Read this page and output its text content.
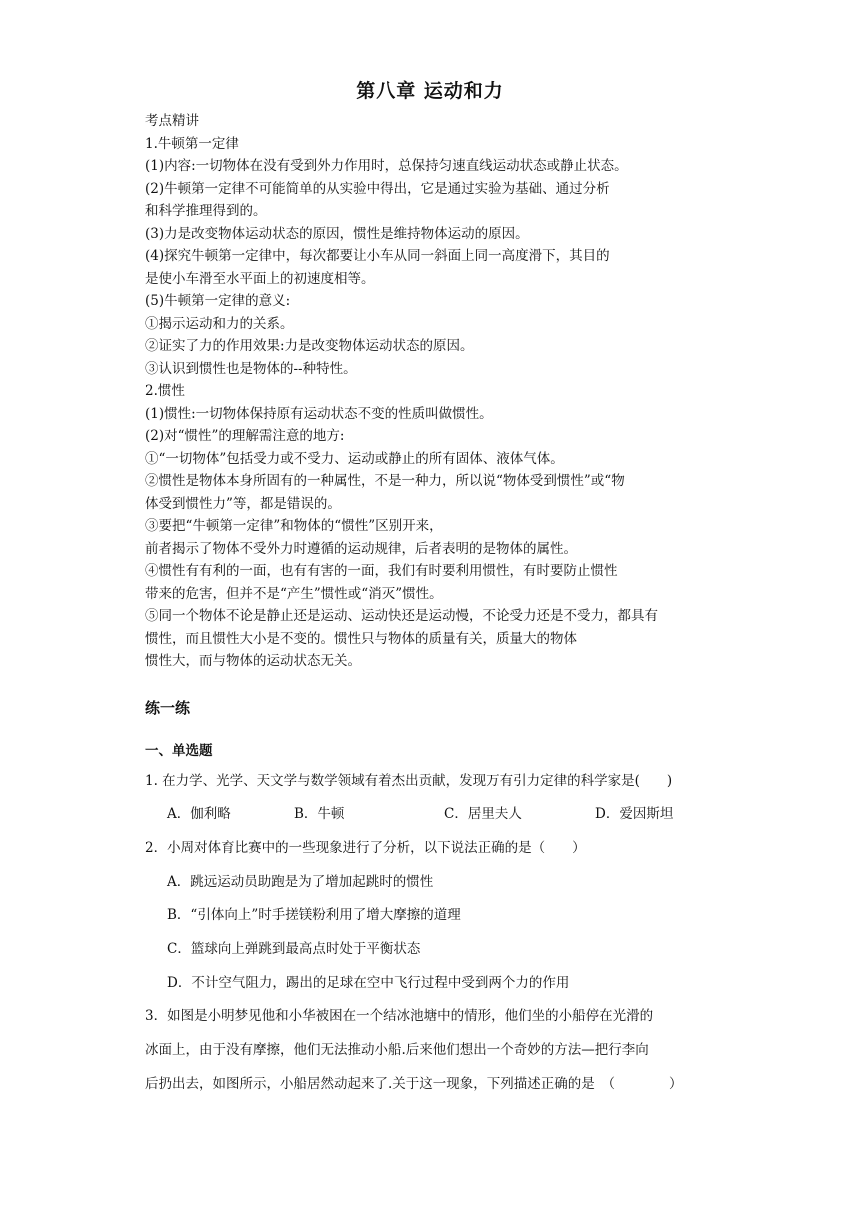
第八章 运动和力
考点精讲
1.牛顿第一定律
(1)内容:一切物体在没有受到外力作用时，总保持匀速直线运动状态或静止状态。
(2)牛顿第一定律不可能简单的从实验中得出，它是通过实验为基础、通过分析
和科学推理得到的。
(3)力是改变物体运动状态的原因，惯性是维持物体运动的原因。
(4)探究牛顿第一定律中，每次都要让小车从同一斜面上同一高度滑下，其目的
是使小车滑至水平面上的初速度相等。
(5)牛顿第一定律的意义:
①揭示运动和力的关系。
②证实了力的作用效果:力是改变物体运动状态的原因。
③认识到惯性也是物体的--种特性。
2.惯性
(1)惯性:一切物体保持原有运动状态不变的性质叫做惯性。
(2)对“惯性”的理解需注意的地方:
①“一切物体”包括受力或不受力、运动或静止的所有固体、液体气体。
②惯性是物体本身所固有的一种属性，不是一种力，所以说“物体受到惯性”或“物
体受到惯性力”等，都是错误的。
③要把“牛顿第一定律”和物体的“惯性”区别开来，
前者揭示了物体不受外力时遵循的运动规律，后者表明的是物体的属性。
④惯性有有利的一面，也有有害的一面，我们有时要利用惯性，有时要防止惯性
带来的危害，但并不是“产生”惯性或“消灭”惯性。
⑤同一个物体不论是静止还是运动、运动快还是运动慢，不论受力还是不受力，都具有
惯性，而且惯性大小是不变的。惯性只与物体的质量有关，质量大的物体
惯性大，而与物体的运动状态无关。
练一练
一、单选题
1. 在力学、光学、天文学与数学领域有着杰出贡献，发现万有引力定律的科学家是(　　)
A．伽利略	B．牛顿	C．居里夫人	D．爱因斯坦
2．小周对体育比赛中的一些现象进行了分析，以下说法正确的是（　　）
A．跳远运动员助跑是为了增加起跳时的惯性
B．“引体向上”时手搓镁粉利用了增大摩擦的道理
C．篮球向上弹跳到最高点时处于平衡状态
D．不计空气阻力，踢出的足球在空中飞行过程中受到两个力的作用
3．如图是小明梦见他和小华被困在一个结冰池塘中的情形，他们坐的小船停在光滑的
冰面上，由于没有摩擦，他们无法推动小船.后来他们想出一个奇妙的方法—把行李向
后扔出去，如图所示，小船居然动起来了.关于这一现象，下列描述正确的是　（　　　　）
